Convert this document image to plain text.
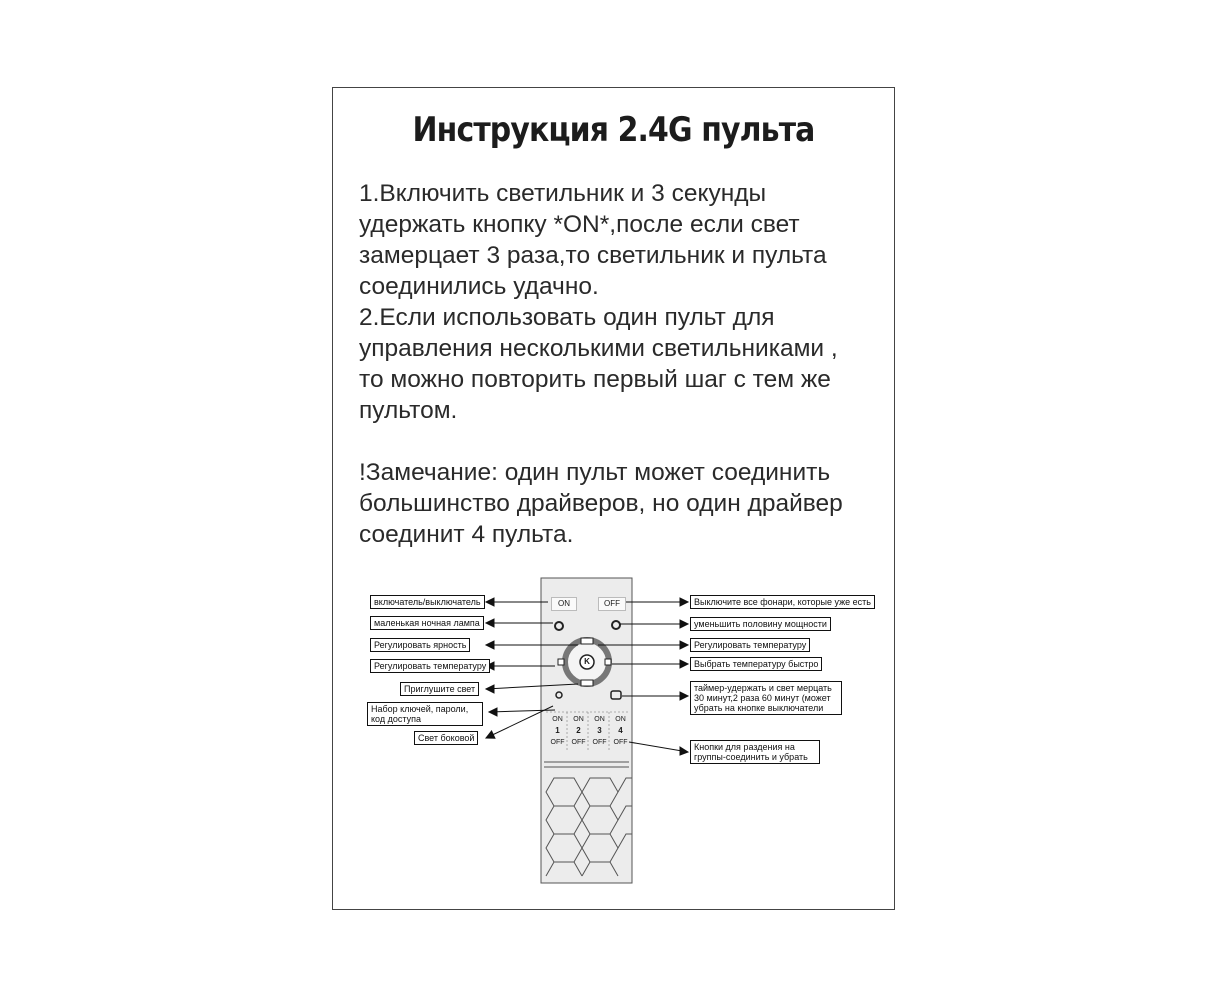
Инструкция 2.4G пульта

1.Включить светильник и 3 секунды
удержать кнопку *ON*,после если свет
замерцает 3 раза,то светильник и пульта
соединились удачно.

2.Если использовать один пульт для
управления несколькими светильниками ,
то можно повторить первый шаг с тем же
пультом.

!Замечание: один пульт может соединить
большинство драйверов, но один драйвер
соединит 4 пульта.

ON	OFF
K
ON	ON	ON	ON
1	2	3	4
OFF	OFF	OFF	OFF
включатель/выключатель
маленькая ночная лампа
Регулировать ярность
Регулировать температуру
Приглушите свет
Набор ключей, пароли, код доступа
Свет боковой
Выключите все фонари, которые уже есть
уменьшить половину мощности
Регулировать температуру
Выбрать температуру быстро
таймер-удержать и свет мерцать 30 минут,2 раза 60 минут (может убрать на кнопке выключатели
Кнопки для раздения на группы-соединить и убрать
